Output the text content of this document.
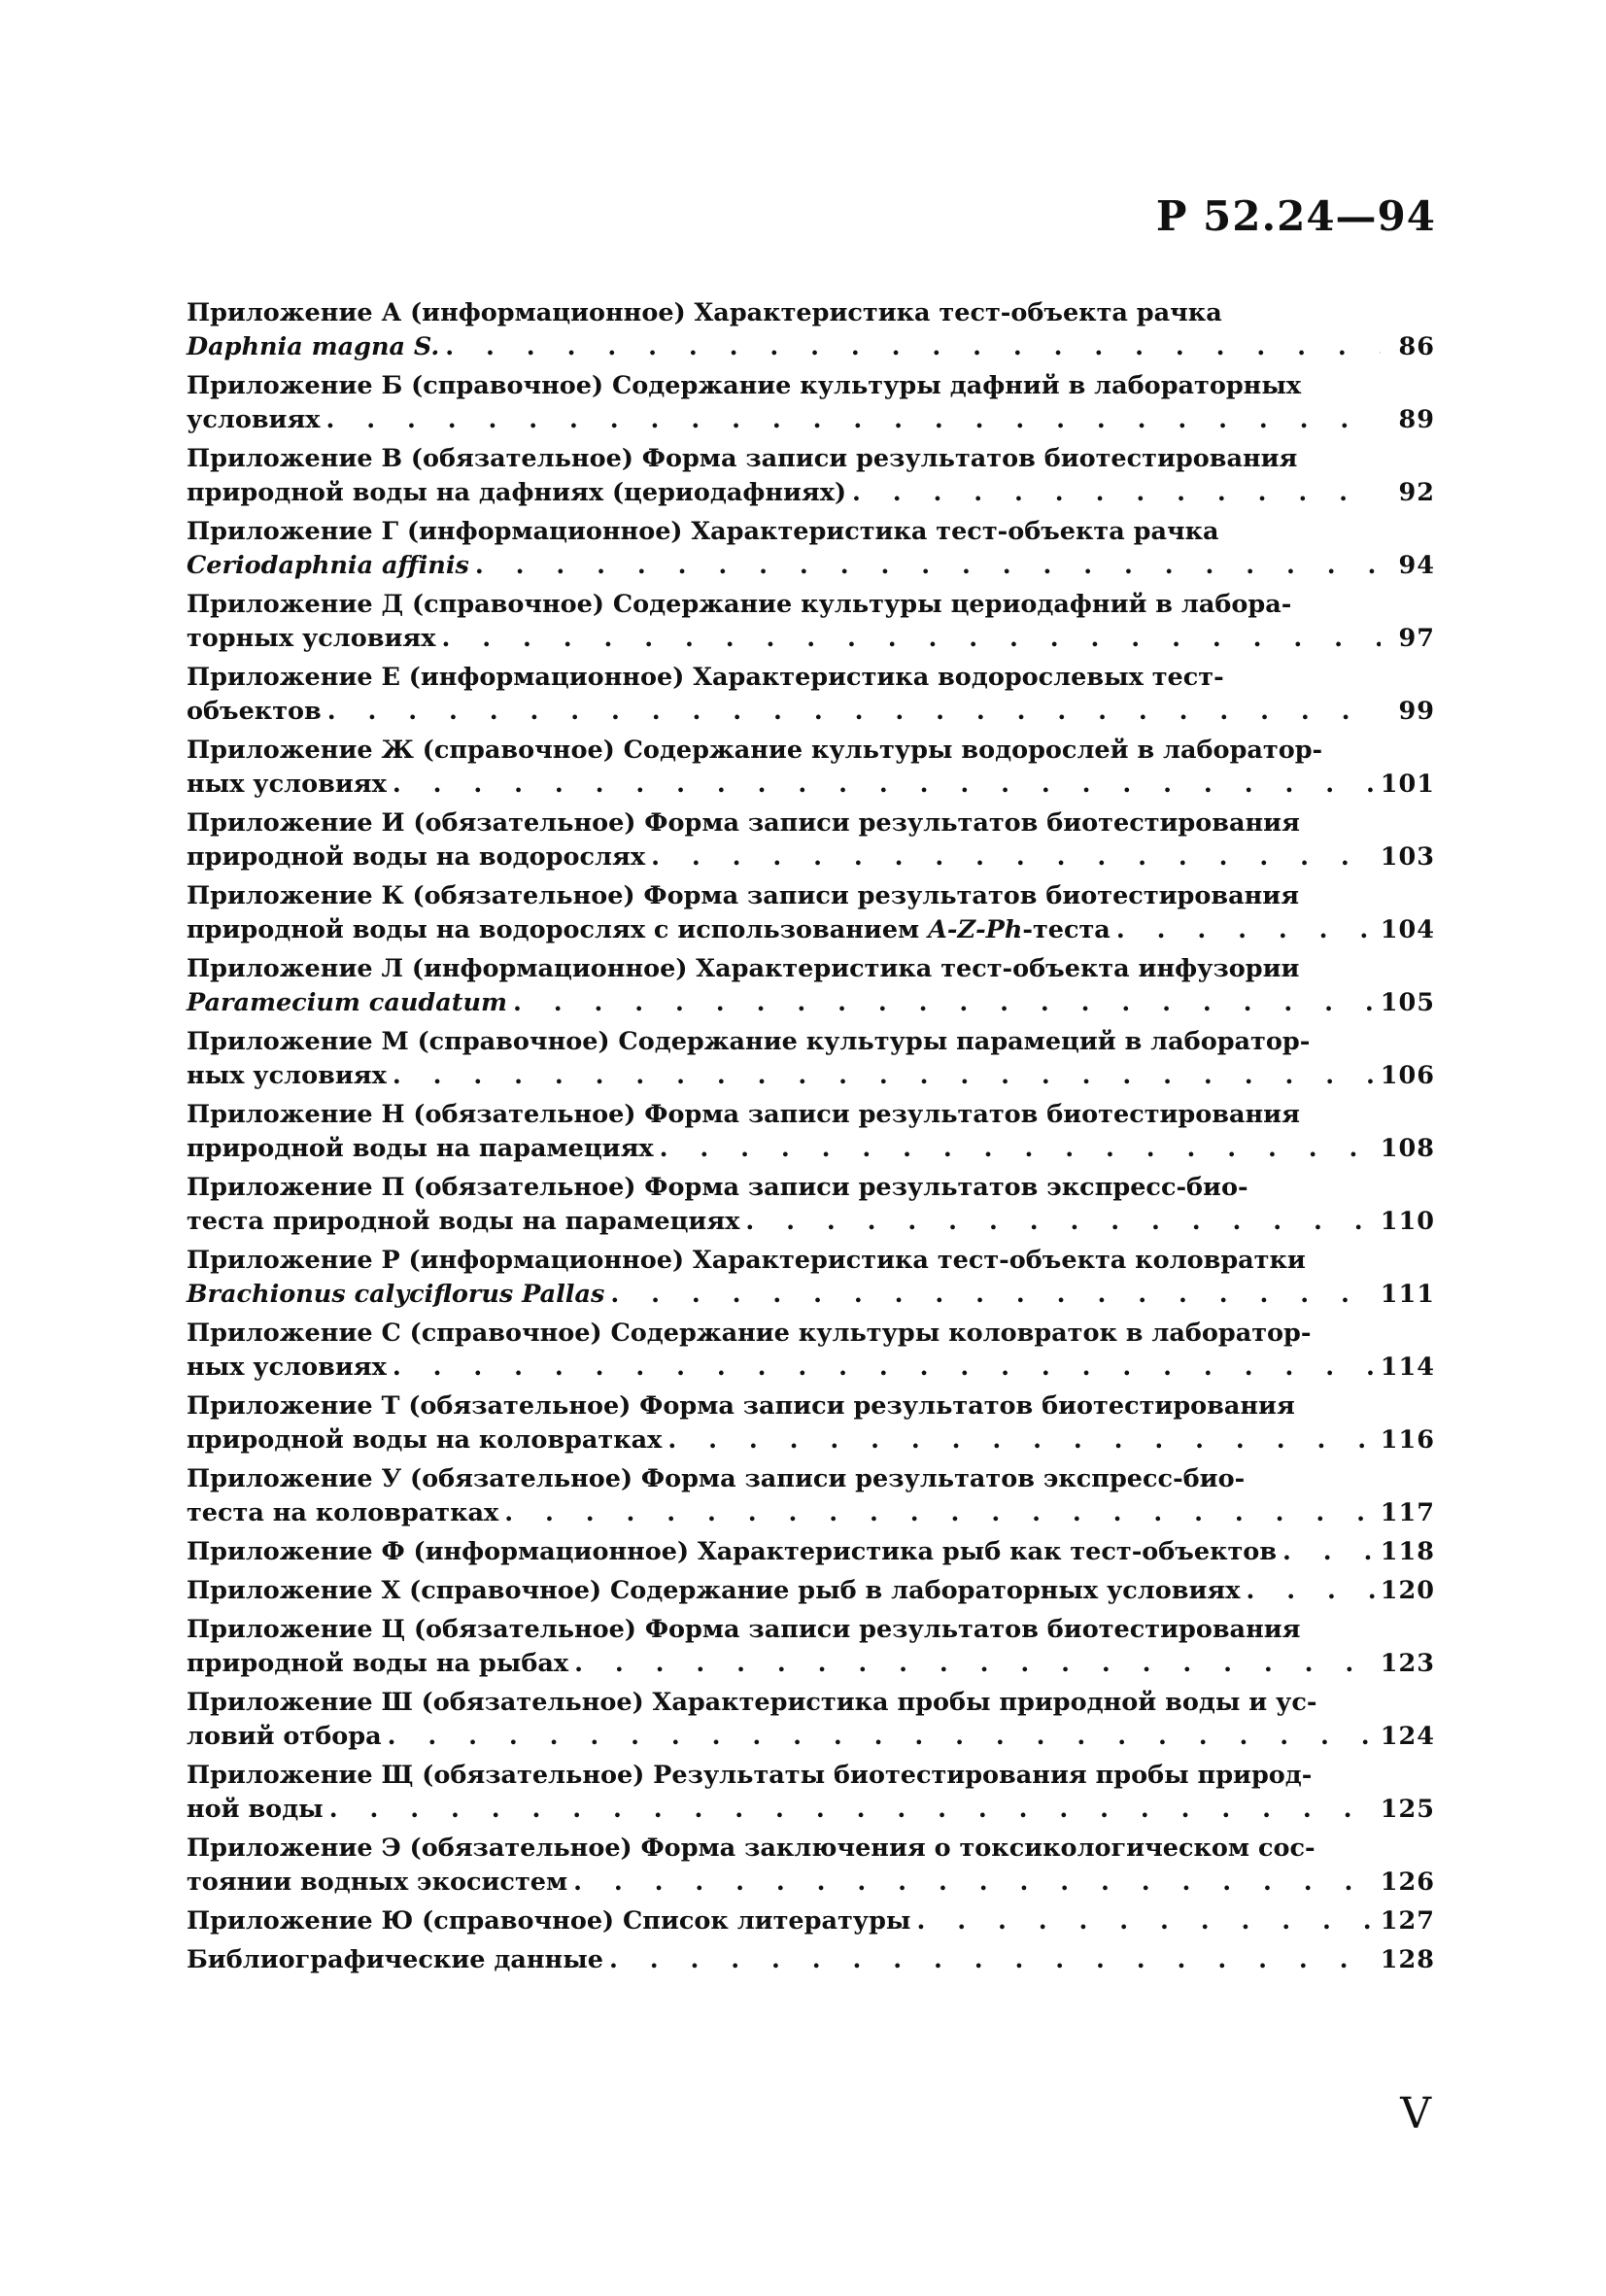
Р 52.24—94
Приложение А (информационное) Характеристика тест-объекта рачка
Daphnia magna S. . . .	86
Приложение Б (справочное) Содержание культуры дафний в лабораторных
условиях . . .	89
Приложение В (обязательное) Форма записи результатов биотестирования
природной воды на дафниях (цериодафниях) . . .	92
Приложение Г (информационное) Характеристика тест-объекта рачка
Ceriodaphnia affinis . . .	94
Приложение Д (справочное) Содержание культуры цериодафний в лабора-
торных условиях . . .	97
Приложение Е (информационное) Характеристика водорослевых тест-
объектов . . .	99
Приложение Ж (справочное) Содержание культуры водорослей в лаборатор-
ных условиях . . .	101
Приложение И (обязательное) Форма записи результатов биотестирования
природной воды на водорослях . . .	103
Приложение К (обязательное) Форма записи результатов биотестирования
природной воды на водорослях с использованием A-Z-Ph-теста . . .	104
Приложение Л (информационное) Характеристика тест-объекта инфузории
Paramecium caudatum . . .	105
Приложение М (справочное) Содержание культуры парамеций в лаборатор-
ных условиях . . .	106
Приложение Н (обязательное) Форма записи результатов биотестирования
природной воды на парамециях . . .	108
Приложение П (обязательное) Форма записи результатов экспресс-био-
теста природной воды на парамециях . . .	110
Приложение Р (информационное) Характеристика тест-объекта коловратки
Brachionus calyciflorus Pallas . . .	111
Приложение С (справочное) Содержание культуры коловраток в лаборатор-
ных условиях . . .	114
Приложение Т (обязательное) Форма записи результатов биотестирования
природной воды на коловратках . . .	116
Приложение У (обязательное) Форма записи результатов экспресс-био-
теста на коловратках . . .	117
Приложение Ф (информационное) Характеристика рыб как тест-объектов . . .	118
Приложение Х (справочное) Содержание рыб в лабораторных условиях . . .	120
Приложение Ц (обязательное) Форма записи результатов биотестирования
природной воды на рыбах . . .	123
Приложение Ш (обязательное) Характеристика пробы природной воды и ус-
ловий отбора . . .	124
Приложение Щ (обязательное) Результаты биотестирования пробы природ-
ной воды . . .	125
Приложение Э (обязательное) Форма заключения о токсикологическом сос-
тоянии водных экосистем . . .	126
Приложение Ю (справочное) Список литературы . . .	127
Библиографические данные . . .	128
V
